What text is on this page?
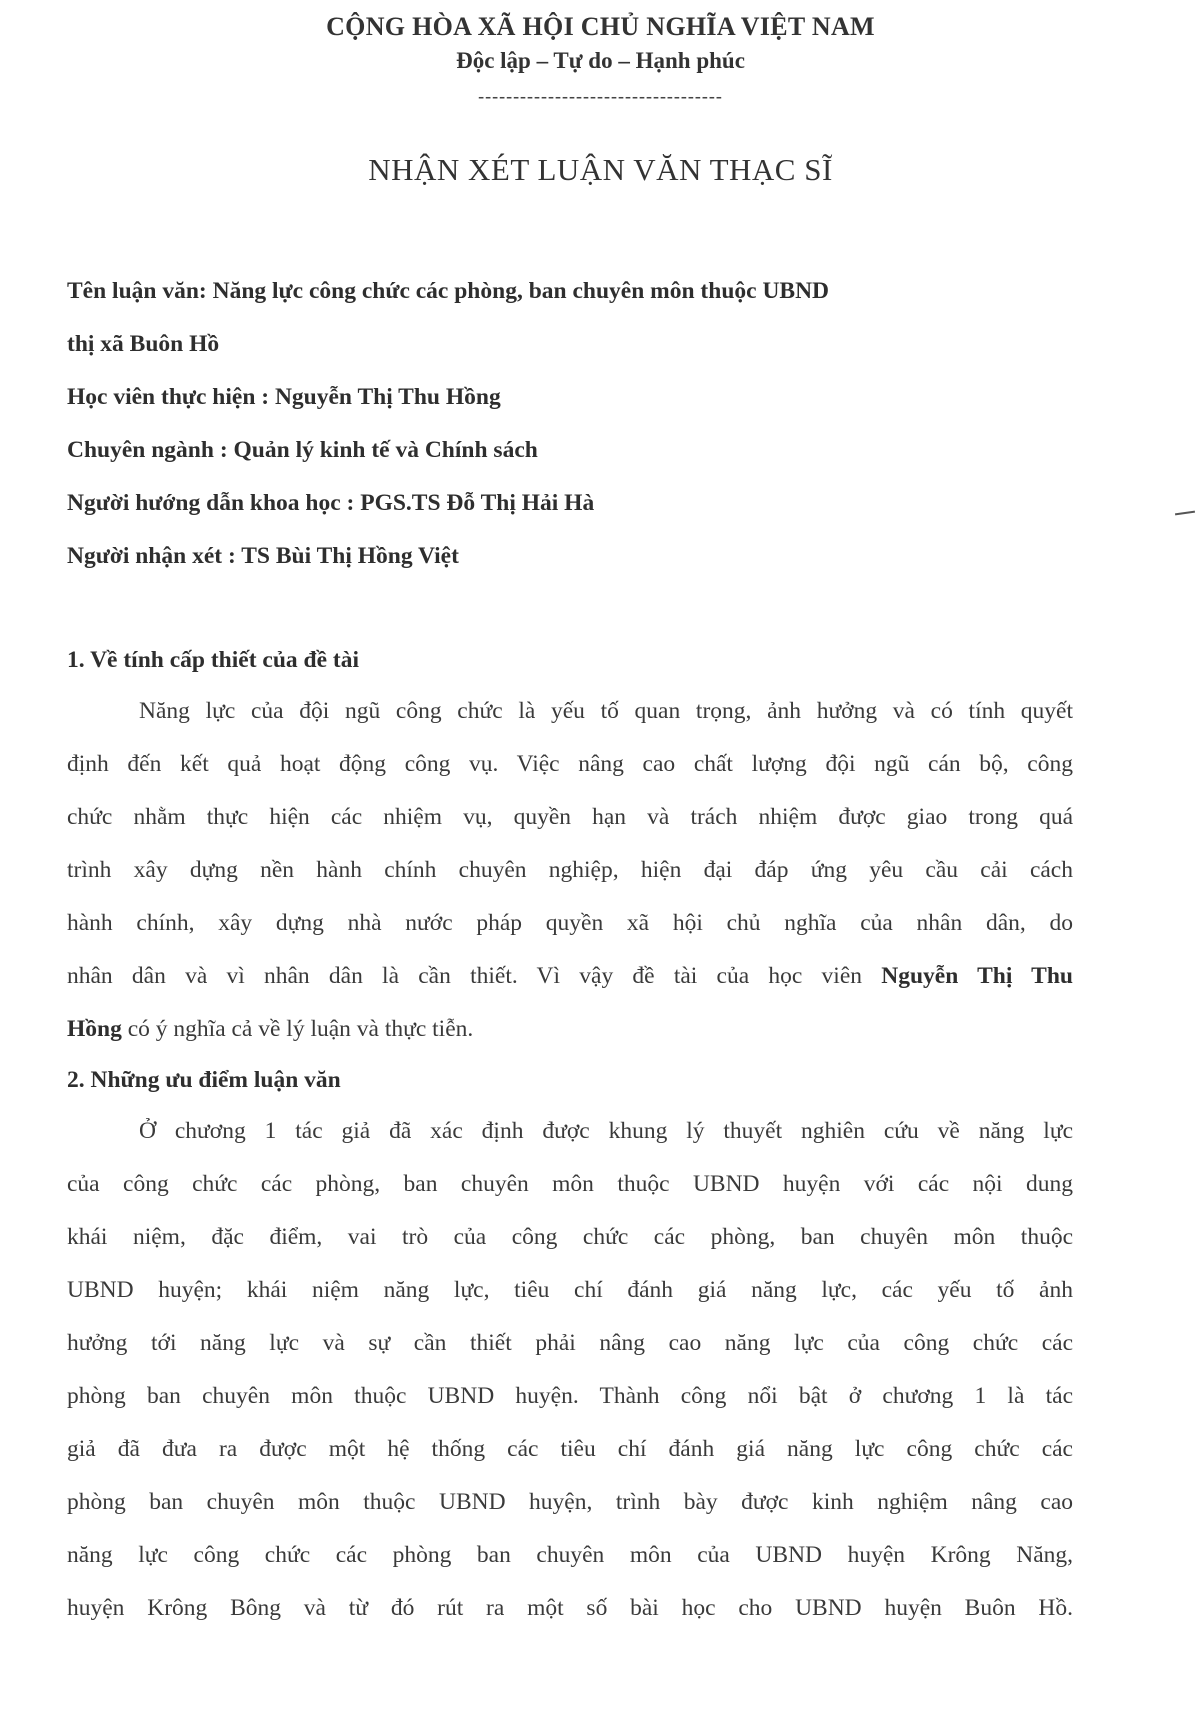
CỘNG HÒA XÃ HỘI CHỦ NGHĨA VIỆT NAM
Độc lập – Tự do – Hạnh phúc
-----------------------------------
NHẬN XÉT LUẬN VĂN THẠC SĨ
Tên luận văn: Năng lực công chức các phòng, ban chuyên môn thuộc UBND
thị xã Buôn Hồ
Học viên thực hiện : Nguyễn Thị Thu Hồng
Chuyên ngành : Quản lý kinh tế và Chính sách
Người hướng dẫn khoa học : PGS.TS Đỗ Thị Hải Hà
Người nhận xét : TS Bùi Thị Hồng Việt
1. Về tính cấp thiết của đề tài
Năng lực của đội ngũ công chức là yếu tố quan trọng, ảnh hưởng và có tính quyết
định đến kết quả hoạt động công vụ. Việc nâng cao chất lượng đội ngũ cán bộ, công
chức nhằm thực hiện các nhiệm vụ, quyền hạn và trách nhiệm được giao trong quá
trình xây dựng nền hành chính chuyên nghiệp, hiện đại đáp ứng yêu cầu cải cách
hành chính, xây dựng nhà nước pháp quyền xã hội chủ nghĩa của nhân dân, do
nhân dân và vì nhân dân là cần thiết. Vì vậy đề tài của học viên Nguyễn Thị Thu
Hồng có ý nghĩa cả về lý luận và thực tiễn.
2. Những ưu điểm luận văn
Ở chương 1 tác giả đã xác định được khung lý thuyết nghiên cứu về năng lực
của công chức các phòng, ban chuyên môn thuộc UBND huyện với các nội dung
khái niệm, đặc điểm, vai trò của công chức các phòng, ban chuyên môn thuộc
UBND huyện; khái niệm năng lực, tiêu chí đánh giá năng lực, các yếu tố ảnh
hưởng tới năng lực và sự cần thiết phải nâng cao năng lực của công chức các
phòng ban chuyên môn thuộc UBND huyện. Thành công nổi bật ở chương 1 là tác
giả đã đưa ra được một hệ thống các tiêu chí đánh giá năng lực công chức các
phòng ban chuyên môn thuộc UBND huyện, trình bày được kinh nghiệm nâng cao
năng lực công chức các phòng ban chuyên môn của UBND huyện Krông Năng,
huyện Krông Bông và từ đó rút ra một số bài học cho UBND huyện Buôn Hồ.
